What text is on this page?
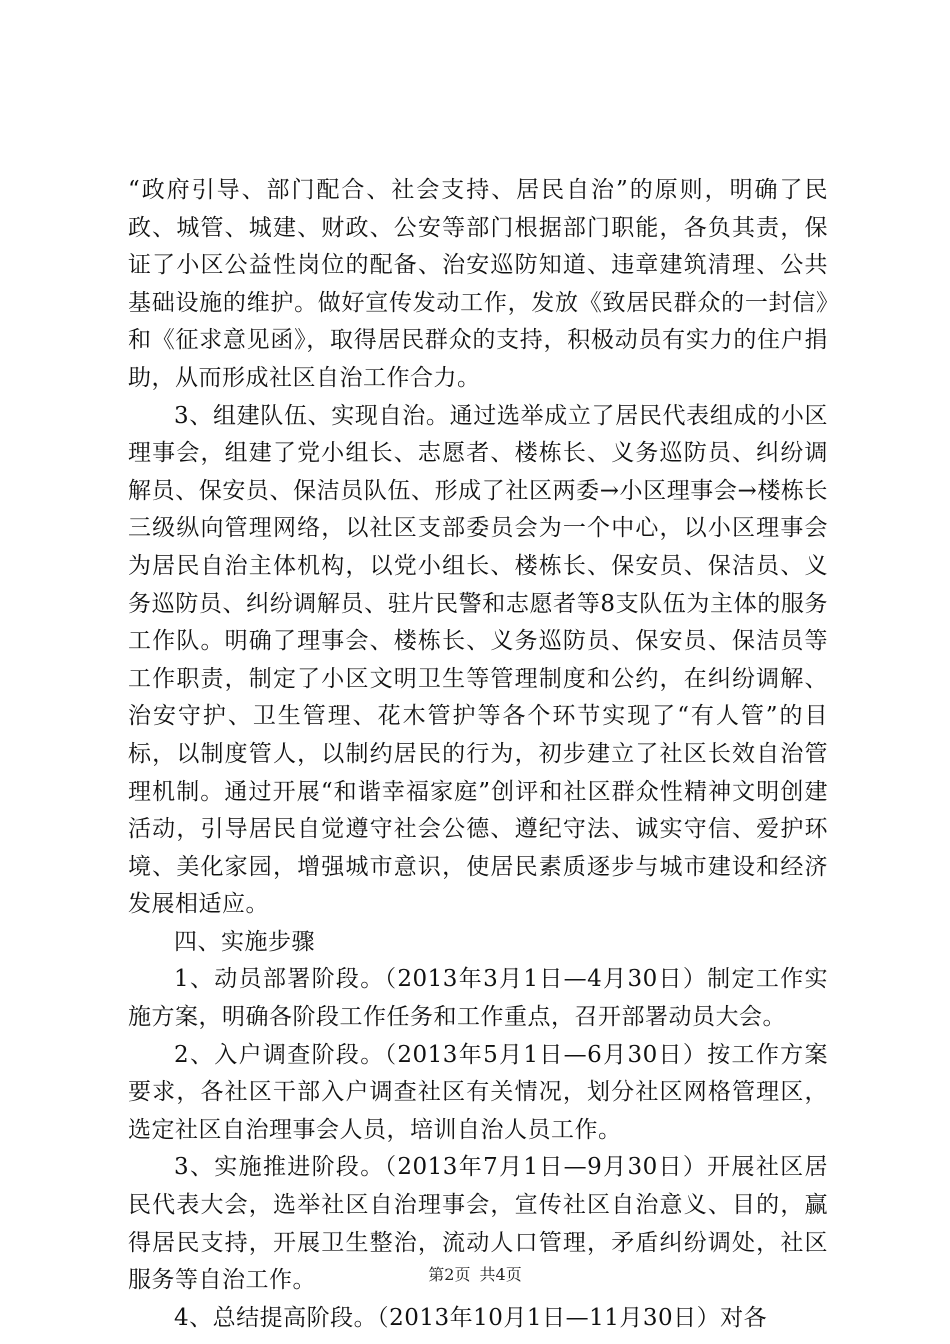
“政府引导、部门配合、社会支持、居民自治”的原则，明确了民政、城管、城建、财政、公安等部门根据部门职能，各负其责，保证了小区公益性岗位的配备、治安巡防知道、违章建筑清理、公共基础设施的维护。做好宣传发动工作，发放《致居民群众的一封信》和《征求意见函》，取得居民群众的支持，积极动员有实力的住户捐助，从而形成社区自治工作合力。

3、组建队伍、实现自治。通过选举成立了居民代表组成的小区理事会，组建了党小组长、志愿者、楼栋长、义务巡防员、纠纷调解员、保安员、保洁员队伍、形成了社区两委→小区理事会→楼栋长三级纵向管理网络，以社区支部委员会为一个中心，以小区理事会为居民自治主体机构，以党小组长、楼栋长、保安员、保洁员、义务巡防员、纠纷调解员、驻片民警和志愿者等8支队伍为主体的服务工作队。明确了理事会、楼栋长、义务巡防员、保安员、保洁员等工作职责，制定了小区文明卫生等管理制度和公约，在纠纷调解、治安守护、卫生管理、花木管护等各个环节实现了“有人管”的目标，以制度管人，以制约居民的行为，初步建立了社区长效自治管理机制。通过开展“和谐幸福家庭”创评和社区群众性精神文明创建活动，引导居民自觉遵守社会公德、遵纪守法、诚实守信、爱护环境、美化家园，增强城市意识，使居民素质逐步与城市建设和经济发展相适应。

四、实施步骤

1、动员部署阶段。（2013年3月1日—4月30日）制定工作实施方案，明确各阶段工作任务和工作重点，召开部署动员大会。

2、入户调查阶段。（2013年5月1日—6月30日）按工作方案要求，各社区干部入户调查社区有关情况，划分社区网格管理区，选定社区自治理事会人员，培训自治人员工作。

3、实施推进阶段。（2013年7月1日—9月30日）开展社区居民代表大会，选举社区自治理事会，宣传社区自治意义、目的，赢得居民支持，开展卫生整治，流动人口管理，矛盾纠纷调处，社区服务等自治工作。

4、总结提高阶段。（2013年10月1日—11月30日）对各

第2页 共4页
